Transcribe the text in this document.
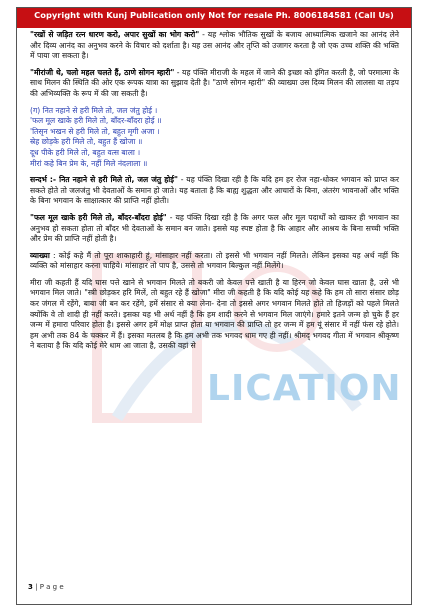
Copyright with Kunj Publication only Not for resale Ph. 8006184581 (Call Us)
LICATION

"रखों से जड़ित रत्न धारण करो, अपार सुखों का भोग करो" - यह श्लोक भौतिक सुखों के बजाय आध्यात्मिक खजाने का आनंद लेने और दिव्य आनंद का अनुभव करने के विचार को दर्शाता है। यह उस आनंद और तृप्ति को उजागर करता है जो एक उच्च शक्ति की भक्ति में पाया जा सकता है।

"मीरांजी थे, चलो महल चलते हैं, ठाणे सोगन म्हारी" - यह पंक्ति मीराजी के महल में जाने की इच्छा को इंगित करती है, जो परमात्मा के साथ मिलन की स्थिति की ओर एक रूपक यात्रा का सुझाव देती है। "ठाणे सोगन म्हारी" की व्याख्या उस दिव्य मिलन की लालसा या तड़प की अभिव्यक्ति के रूप में की जा सकती है।

(ग) नित नहाने से हरी मिले तो, जल जंतु होई ।
'फल मूल खाके हरी मिले तो, बॉंदर-बॉंदरा होई ॥
'तिसृन भखन से हरी मिले तो, बहुत मृगी अजा ।
स्रेह छोड़के हरी मिले तो, बहुत हैं खोजा ॥
दूध पीके हरी मिले तो, बहुत वत्स बाला ।
मीरां कहे बिन प्रेम के, नहीं मिले नंदलाला ॥

सन्दर्भ :- नित नहाने से हरी मिले तो, जल जंतु होई" - यह पंक्ति दिखा रही है कि यदि हम हर रोज नहा-धोकर भगवान को प्राप्त कर सकते होते तो जलजंतु भी देवताओं के समान हो जाते। यह बताता है कि बाह्य शुद्धता और आचारों के बिना, अंतरंग भावनाओं और भक्ति के बिना भगवान के साक्षात्कार की प्राप्ति नहीं होती।

"फल मूल खाके हरी मिले तो, बॉंदर-बॉंदरा होई" - यह पंक्ति दिखा रही है कि अगर फल और मूल पदार्थों को खाकर ही भगवान का अनुभव हो सकता होता तो बॉंदर भी देवताओं के समान बन जाते। इससे यह स्पष्ट होता है कि आहार और आश्रय के बिना सच्ची भक्ति और प्रेम की प्राप्ति नहीं होती है।

व्याख्या : कोई कहे मैं तो पूरा शाकाहारी हूं, मांसाहार नहीं करता। तो इससे भी भगवान नहीं मिलते। लेकिन इसका यह अर्थ नहीं कि व्यक्ति को मांसाहार करना चाहिये। मांसाहार तो पाप है, उससे तो भगवान बिल्कुल नहीं मिलेंगे।

मीरा जी कहती हैं यदि घास पत्ते खाने से भगवान मिलते तो बकरी जो केवल पत्ते खाती है या हिरन जो केवल घास खाता है, उसे भी भगवान मिल जाते। "स्त्री छोड़कर हरि मिलें, तो बहुत रहे हैं खोजा" मीरा जी कहती है कि यदि कोई यह कहे कि हम तो सारा संसार छोड़ कर जंगल में रहेंगे, बाबा जी बन कर रहेंगे, हमें संसार से क्या लेना- देना तो इससे अगर भगवान मिलते होते तो हिजड़ों को पहले मिलते क्योंकि वे तो शादी ही नहीं करते। इसका यह भी अर्थ नहीं है कि हम शादी करने से भगवान मिल जाएंगे। हमारे इतने जन्म हो चुके हैं हर जन्म में हमारा परिवार होता है। इससे अगर हमें मोक्ष प्राप्त होता या भगवान की प्राप्ति तो हर जन्म में हम यूं संसार में नहीं फंस रहे होते। हम अभी तक 84 के चक्कर में हैं। इसका मतलब है कि हम अभी तक भगवद धाम गए ही नहीं। श्रीमद् भगवद गीता में भगवान श्रीकृष्ण ने बताया है कि यदि कोई मेरे धाम आ जाता है, उसकी वहां से

3 | P a g e
